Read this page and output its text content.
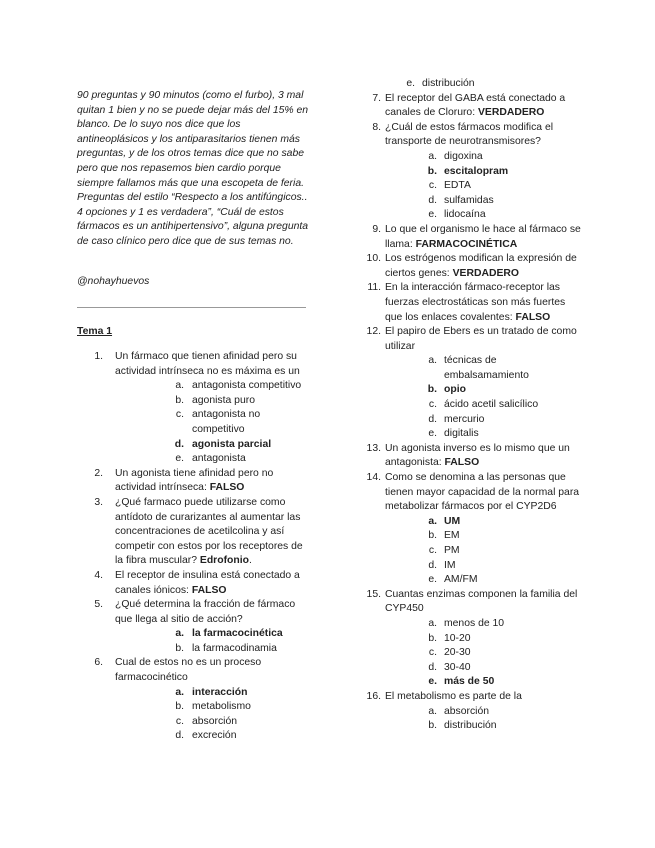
90 preguntas y 90 minutos (como el furbo), 3 mal quitan 1 bien y no se puede dejar más del 15% en blanco. De lo suyo nos dice que los antineoplásicos y los antiparasitarios tienen más preguntas, y de los otros temas dice que no sabe pero que nos repasemos bien cardio porque siempre fallamos más que una escopeta de feria. Preguntas del estilo “Respecto a los antifúngicos.. 4 opciones y 1 es verdadera”, “Cuál de estos fármacos es un antihipertensivo”, alguna pregunta de caso clínico pero dice que de sus temas no.

@nohayhuevos

Tema 1

1. Un fármaco que tienen afinidad pero su actividad intrínseca no es máxima es un
a. antagonista competitivo
b. agonista puro
c. antagonista no competitivo
d. agonista parcial
e. antagonista
2. Un agonista tiene afinidad pero no actividad intrínseca: FALSO
3. ¿Qué farmaco puede utilizarse como antídoto de curarizantes al aumentar las concentraciones de acetilcolina y así competir con estos por los receptores de la fibra muscular? Edrofonio.
4. El receptor de insulina está conectado a canales iónicos: FALSO
5. ¿Qué determina la fracción de fármaco que llega al sitio de acción?
a. la farmacocinética
b. la farmacodinamia
6. Cual de estos no es un proceso farmacocinético
a. interacción
b. metabolismo
c. absorción
d. excreción
e. distribución
7. El receptor del GABA está conectado a canales de Cloruro: VERDADERO
8. ¿Cuál de estos fármacos modifica el transporte de neurotransmisores?
a. digoxina
b. escitalopram
c. EDTA
d. sulfamidas
e. lidocaína
9. Lo que el organismo le hace al fármaco se llama: FARMACOCINÉTICA
10. Los estrógenos modifican la expresión de ciertos genes: VERDADERO
11. En la interacción fármaco-receptor las fuerzas electrostáticas son más fuertes que los enlaces covalentes: FALSO
12. El papiro de Ebers es un tratado de como utilizar
a. técnicas de embalsamamiento
b. opio
c. ácido acetil salicílico
d. mercurio
e. digitalis
13. Un agonista inverso es lo mismo que un antagonista: FALSO
14. Como se denomina a las personas que tienen mayor capacidad de la normal para metabolizar fármacos por el CYP2D6
a. UM
b. EM
c. PM
d. IM
e. AM/FM
15. Cuantas enzimas componen la familia del CYP450
a. menos de 10
b. 10-20
c. 20-30
d. 30-40
e. más de 50
16. El metabolismo es parte de la
a. absorción
b. distribución
